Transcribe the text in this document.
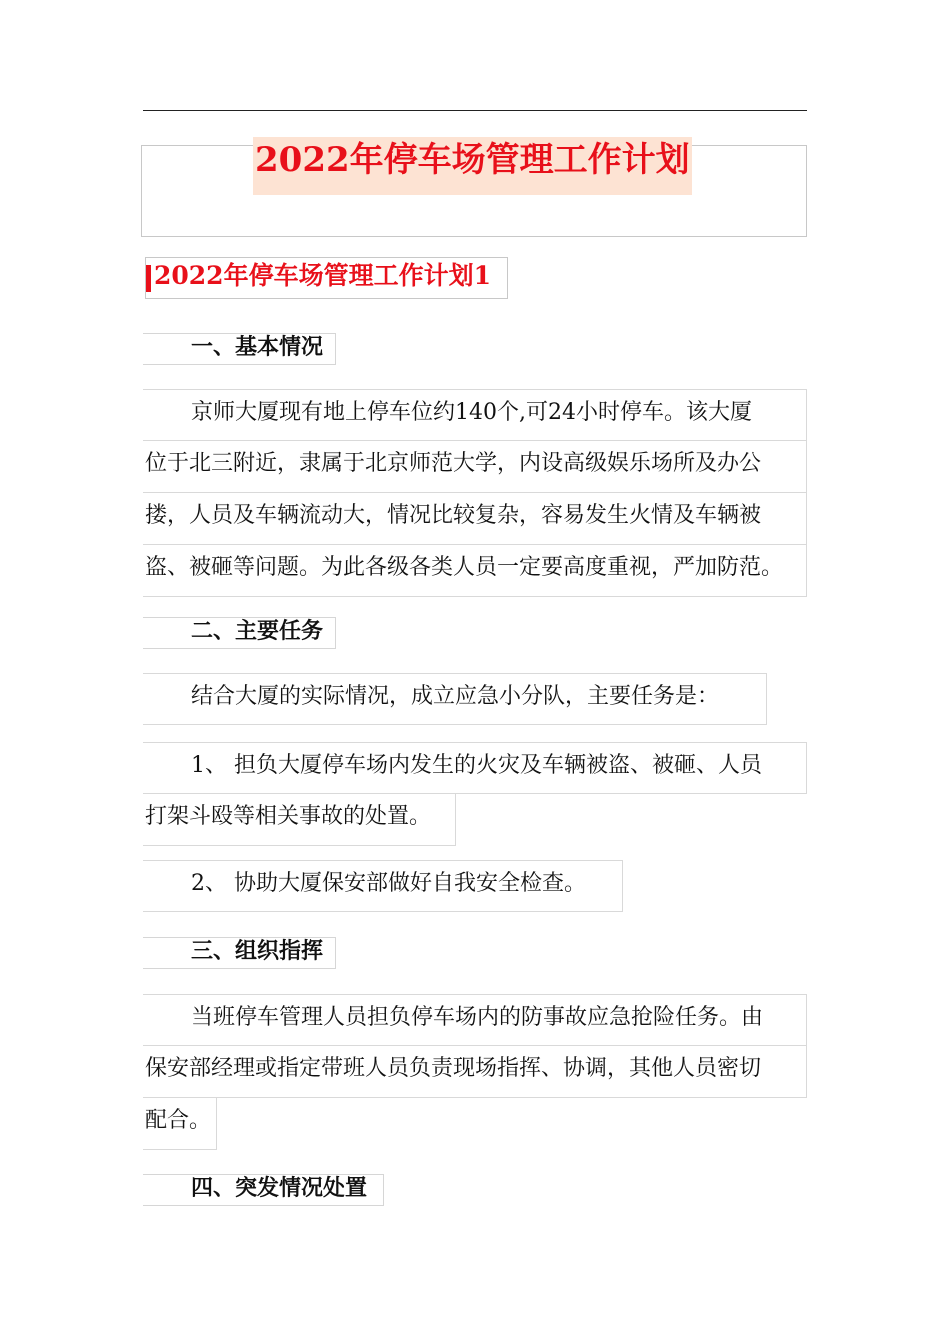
2022年停车场管理工作计划
2022年停车场管理工作计划1
一、基本情况
京师大厦现有地上停车位约140个,可24小时停车。该大厦
位于北三附近，隶属于北京师范大学，内设高级娱乐场所及办公
搂，人员及车辆流动大，情况比较复杂，容易发生火情及车辆被
盗、被砸等问题。为此各级各类人员一定要高度重视，严加防范。
二、主要任务
结合大厦的实际情况，成立应急小分队，主要任务是：
1、 担负大厦停车场内发生的火灾及车辆被盗、被砸、人员
打架斗殴等相关事故的处置。
2、 协助大厦保安部做好自我安全检查。
三、组织指挥
当班停车管理人员担负停车场内的防事故应急抢险任务。由
保安部经理或指定带班人员负责现场指挥、协调，其他人员密切
配合。
四、突发情况处置
